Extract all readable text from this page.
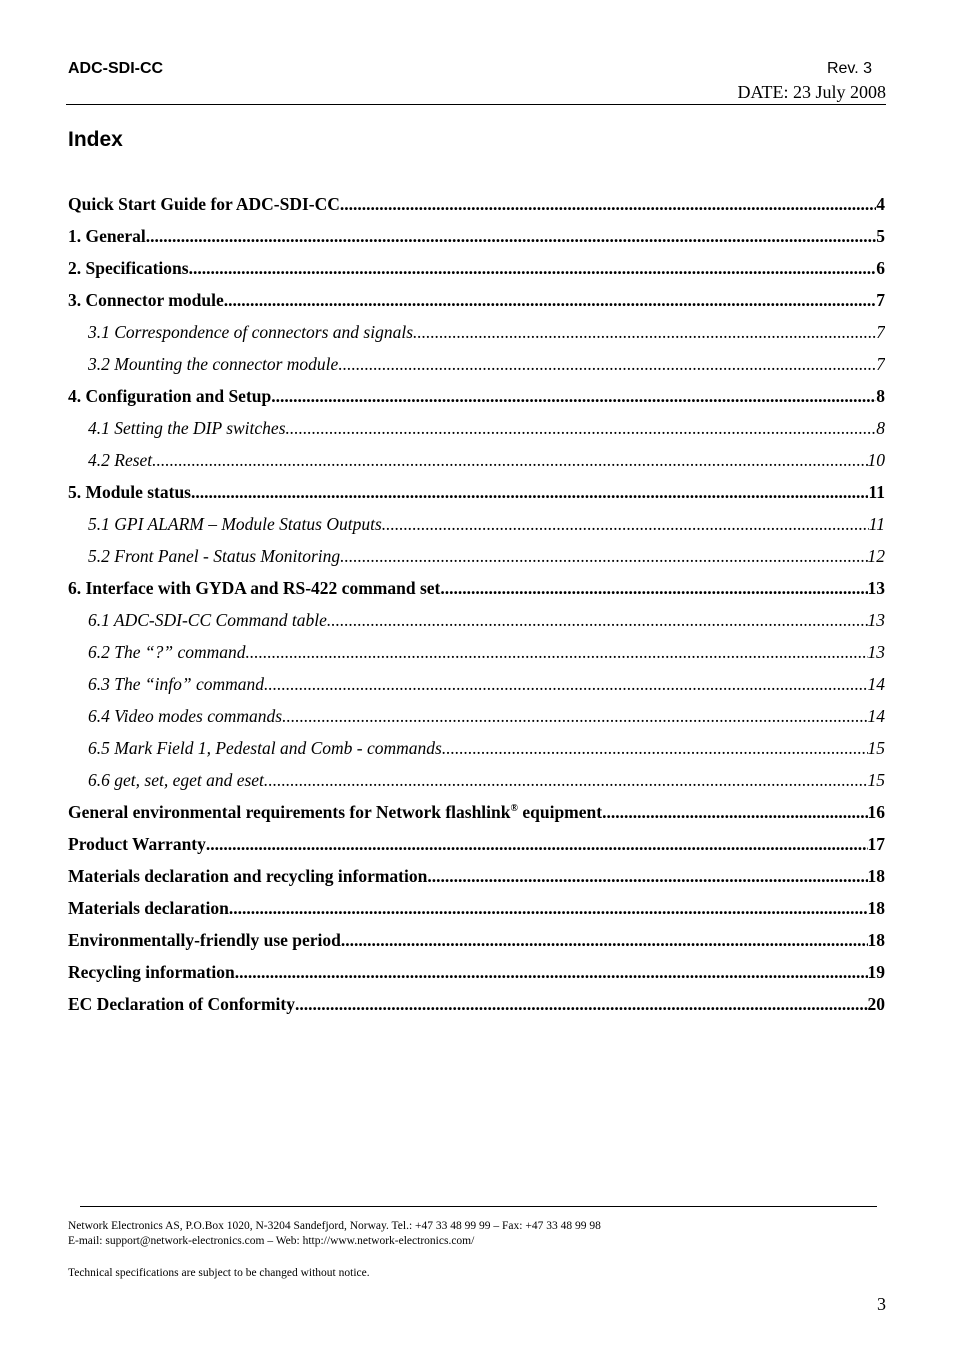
ADC-SDI-CC	Rev. 3
DATE: 23 July 2008
Index
Quick Start Guide for ADC-SDI-CC .....	4
1. General .....	5
2. Specifications .....	6
3. Connector module .....	7
3.1 Correspondence of connectors and signals .....	7
3.2 Mounting the connector module .....	7
4. Configuration and Setup .....	8
4.1 Setting the DIP switches .....	8
4.2 Reset .....	10
5. Module status .....	11
5.1 GPI ALARM – Module Status Outputs .....	11
5.2 Front Panel - Status Monitoring .....	12
6. Interface with GYDA and RS-422 command set .....	13
6.1 ADC-SDI-CC Command table .....	13
6.2 The “?” command .....	13
6.3 The “info” command .....	14
6.4 Video modes commands. .....	14
6.5 Mark Field 1, Pedestal and Comb - commands. .....	15
6.6 get, set, eget and eset. .....	15
General environmental requirements for Network flashlink® equipment .....	16
Product Warranty .....	17
Materials declaration and recycling information .....	18
Materials declaration .....	18
Environmentally-friendly use period .....	18
Recycling information .....	19
EC Declaration of Conformity .....	20
Network Electronics AS, P.O.Box 1020, N-3204 Sandefjord, Norway. Tel.: +47 33 48 99 99 – Fax: +47 33 48 99 98
E-mail: support@network-electronics.com – Web: http://www.network-electronics.com/
Technical specifications are subject to be changed without notice.
3
